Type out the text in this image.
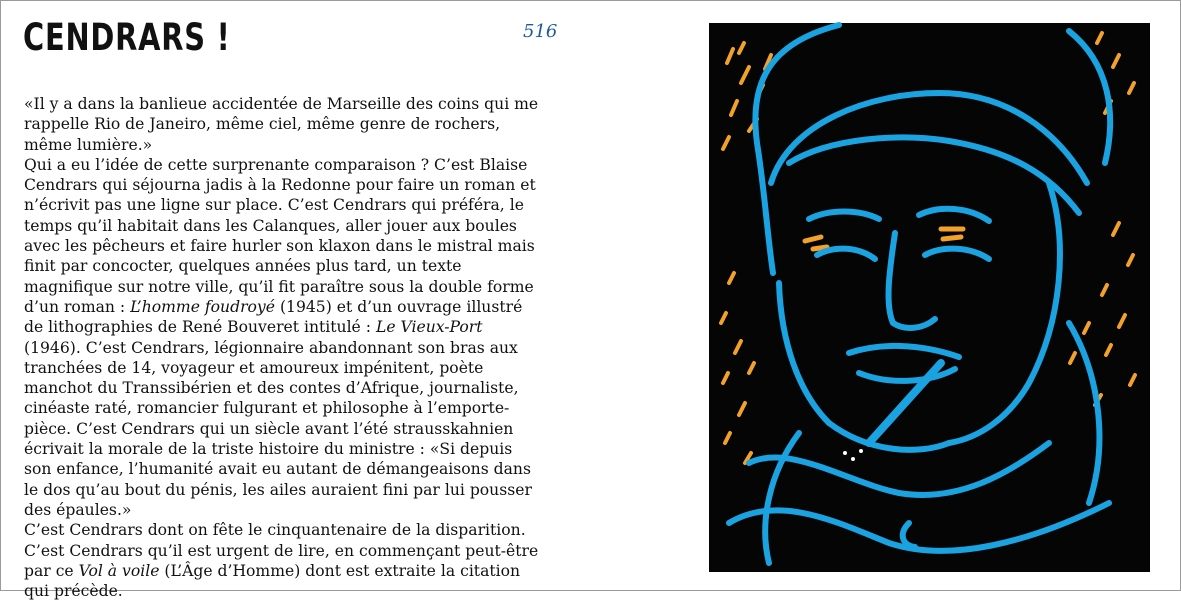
CENDRARS !	516

«Il y a dans la banlieue accidentée de Marseille des coins qui me rappelle Rio de Janeiro, même ciel, même genre de rochers, même lumière.»

Qui a eu l’idée de cette surprenante comparaison ? C’est Blaise Cendrars qui séjourna jadis à la Redonne pour faire un roman et n’écrivit pas une ligne sur place. C’est Cendrars qui préféra, le temps qu’il habitait dans les Calanques, aller jouer aux boules avec les pêcheurs et faire hurler son klaxon dans le mistral mais finit par concocter, quelques années plus tard, un texte magnifique sur notre ville, qu’il fit paraître sous la double forme d’un roman : L’homme foudroyé (1945) et d’un ouvrage illustré de lithographies de René Bouveret intitulé : Le Vieux-Port (1946). C’est Cendrars, légionnaire abandonnant son bras aux tranchées de 14, voyageur et amoureux impénitent, poète manchot du Transsibérien et des contes d’Afrique, journaliste, cinéaste raté, romancier fulgurant et philosophe à l’emporte-pièce. C’est Cendrars qui un siècle avant l’été strausskahnien écrivait la morale de la triste histoire du ministre : «Si depuis son enfance, l’humanité avait eu autant de démangeaisons dans le dos qu’au bout du pénis, les ailes auraient fini par lui pousser des épaules.»

C’est Cendrars dont on fête le cinquantenaire de la disparition.

C’est Cendrars qu’il est urgent de lire, en commençant peut-être par ce Vol à voile (L’Âge d’Homme) dont est extraite la citation qui précède.
